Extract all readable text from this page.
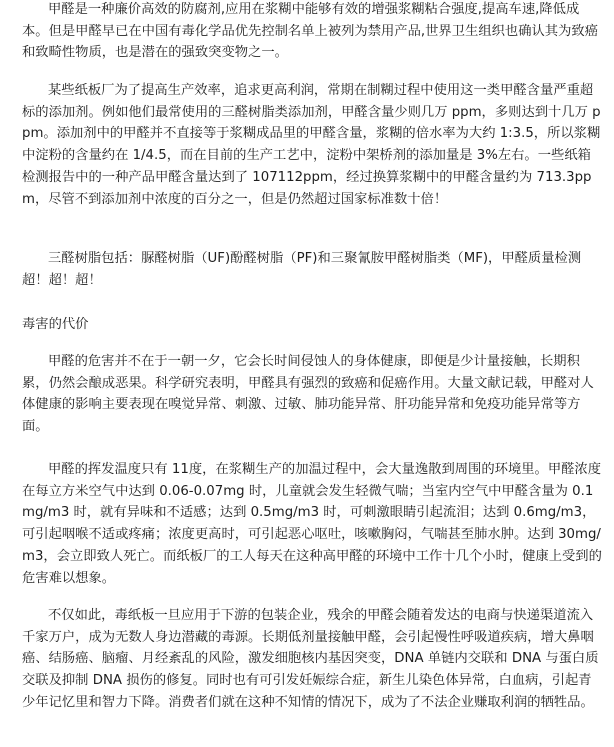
甲醛是一种廉价高效的防腐剂,应用在浆糊中能够有效的增强浆糊粘合强度,提高车速,降低成本。但是甲醛早已在中国有毒化学品优先控制名单上被列为禁用产品,世界卫生组织也确认其为致癌和致畸性物质，也是潜在的强致突变物之一。

某些纸板厂为了提高生产效率，追求更高利润，常期在制糊过程中使用这一类甲醛含量严重超标的添加剂。例如他们最常使用的三醛树脂类添加剂，甲醛含量少则几万 ppm，多则达到十几万 ppm。添加剂中的甲醛并不直接等于浆糊成品里的甲醛含量，浆糊的倍水率为大约 1:3.5，所以浆糊中淀粉的含量约在 1/4.5，而在目前的生产工艺中，淀粉中架桥剂的添加量是 3%左右。一些纸箱检测报告中的一种产品甲醛含量达到了 107112ppm，经过换算浆糊中的甲醛含量约为 713.3ppm，尽管不到添加剂中浓度的百分之一，但是仍然超过国家标准数十倍！

三醛树脂包括：脲醛树脂（UF)酚醛树脂（PF)和三聚氰胺甲醛树脂类（MF)，甲醛质量检测超！超！超！

毒害的代价

甲醛的危害并不在于一朝一夕，它会长时间侵蚀人的身体健康，即便是少计量接触，长期积累，仍然会酿成恶果。科学研究表明，甲醛具有强烈的致癌和促癌作用。大量文献记载，甲醛对人体健康的影响主要表现在嗅觉异常、刺激、过敏、肺功能异常、肝功能异常和免疫功能异常等方面。

甲醛的挥发温度只有 11度，在浆糊生产的加温过程中，会大量逸散到周围的环境里。甲醛浓度在每立方米空气中达到 0.06-0.07mg 时，儿童就会发生轻微气喘；当室内空气中甲醛含量为 0.1mg/m3 时，就有异味和不适感；达到 0.5mg/m3 时，可刺激眼睛引起流泪；达到 0.6mg/m3，可引起咽喉不适或疼痛；浓度更高时，可引起恶心呕吐，咳嗽胸闷，气喘甚至肺水肿。达到 30mg/m3，会立即致人死亡。而纸板厂的工人每天在这种高甲醛的环境中工作十几个小时，健康上受到的危害难以想象。

不仅如此，毒纸板一旦应用于下游的包装企业，残余的甲醛会随着发达的电商与快递渠道流入千家万户，成为无数人身边潜藏的毒源。长期低剂量接触甲醛，会引起慢性呼吸道疾病，增大鼻咽癌、结肠癌、脑瘤、月经紊乱的风险，激发细胞核内基因突变，DNA 单链内交联和 DNA 与蛋白质交联及抑制 DNA 损伤的修复。同时也有可引发妊娠综合症，新生儿染色体异常，白血病，引起青少年记忆里和智力下降。消费者们就在这种不知情的情况下，成为了不法企业赚取利润的牺牲品。
